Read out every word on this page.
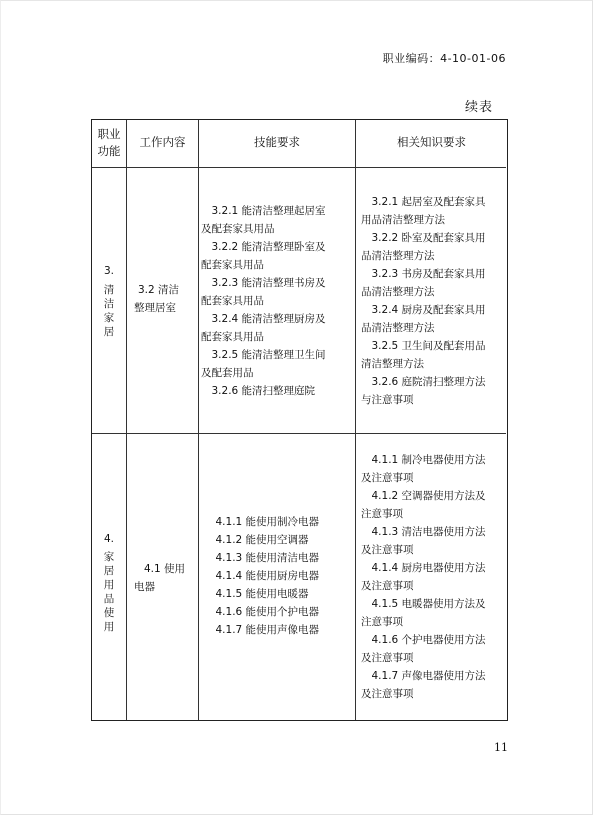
职业编码：4-10-01-06
续表
职业
功能
工作内容	技能要求	相关知识要求
3.
清洁家居
3.2 清洁
整理居室
　3.2.1 能清洁整理起居室
及配套家具用品
　3.2.2 能清洁整理卧室及
配套家具用品
　3.2.3 能清洁整理书房及
配套家具用品
　3.2.4 能清洁整理厨房及
配套家具用品
　3.2.5 能清洁整理卫生间
及配套用品
　3.2.6 能清扫整理庭院
　3.2.1 起居室及配套家具
用品清洁整理方法
　3.2.2 卧室及配套家具用
品清洁整理方法
　3.2.3 书房及配套家具用
品清洁整理方法
　3.2.4 厨房及配套家具用
品清洁整理方法
　3.2.5 卫生间及配套用品
清洁整理方法
　3.2.6 庭院清扫整理方法
与注意事项
4.
家居用品使用
4.1 使用
电器
　4.1.1 能使用制冷电器
　4.1.2 能使用空调器
　4.1.3 能使用清洁电器
　4.1.4 能使用厨房电器
　4.1.5 能使用电暖器
　4.1.6 能使用个护电器
　4.1.7 能使用声像电器
　4.1.1 制冷电器使用方法
及注意事项
　4.1.2 空调器使用方法及
注意事项
　4.1.3 清洁电器使用方法
及注意事项
　4.1.4 厨房电器使用方法
及注意事项
　4.1.5 电暖器使用方法及
注意事项
　4.1.6 个护电器使用方法
及注意事项
　4.1.7 声像电器使用方法
及注意事项
11
